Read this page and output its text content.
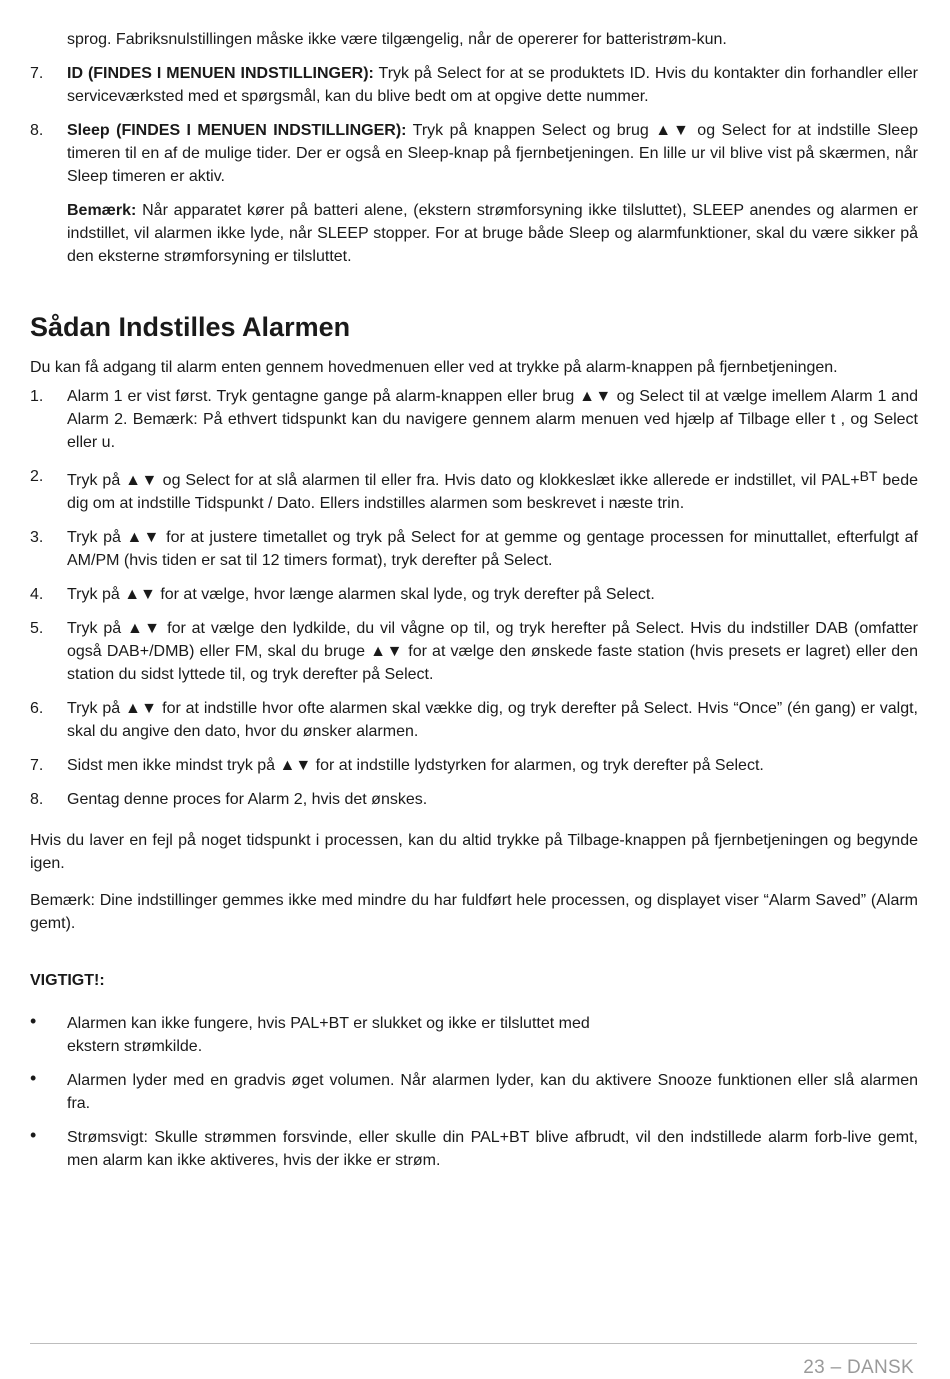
sprog. Fabriksnulstillingen måske ikke være tilgængelig, når de opererer for batteristrøm-kun.

7. ID (FINDES I MENUEN INDSTILLINGER): Tryk på Select for at se produktets ID. Hvis du kontakter din forhandler eller serviceværksted med et spørgsmål, kan du blive bedt om at opgive dette nummer.
8. Sleep (FINDES I MENUEN INDSTILLINGER): Tryk på knappen Select og brug ▲▼ og Select for at indstille Sleep timeren til en af de mulige tider. Der er også en Sleep-knap på fjernbetjeningen. En lille ur vil blive vist på skærmen, når Sleep timeren er aktiv.

Bemærk: Når apparatet kører på batteri alene, (ekstern strømforsyning ikke tilsluttet), SLEEP anendes og alarmen er indstillet, vil alarmen ikke lyde, når SLEEP stopper. For at bruge både Sleep og alarmfunktioner, skal du være sikker på den eksterne strømforsyning er tilsluttet.

Sådan Indstilles Alarmen

Du kan få adgang til alarm enten gennem hovedmenuen eller ved at trykke på alarm-knappen på fjernbetjeningen.

1. Alarm 1 er vist først. Tryk gentagne gange på alarm-knappen eller brug ▲▼ og Select til at vælge imellem Alarm 1 and Alarm 2. Bemærk: På ethvert tidspunkt kan du navigere gennem alarm menuen ved hjælp af Tilbage eller t , og Select eller u.
2. Tryk på ▲▼ og Select for at slå alarmen til eller fra. Hvis dato og klokkeslæt ikke allerede er indstillet, vil PAL+BT bede dig om at indstille Tidspunkt / Dato. Ellers indstilles alarmen som beskrevet i næste trin.
3. Tryk på ▲▼ for at justere timetallet og tryk på Select for at gemme og gentage processen for minuttallet, efterfulgt af AM/PM (hvis tiden er sat til 12 timers format), tryk derefter på Select.
4. Tryk på ▲▼ for at vælge, hvor længe alarmen skal lyde, og tryk derefter på Select.
5. Tryk på ▲▼ for at vælge den lydkilde, du vil vågne op til, og tryk herefter på Select. Hvis du indstiller DAB (omfatter også DAB+/DMB) eller FM, skal du bruge ▲▼ for at vælge den ønskede faste station (hvis presets er lagret) eller den station du sidst lyttede til, og tryk derefter på Select.
6. Tryk på ▲▼ for at indstille hvor ofte alarmen skal vække dig, og tryk derefter på Select. Hvis “Once” (én gang) er valgt, skal du angive den dato, hvor du ønsker alarmen.
7. Sidst men ikke mindst tryk på ▲▼ for at indstille lydstyrken for alarmen, og tryk derefter på Select.
8. Gentag denne proces for Alarm 2, hvis det ønskes.

Hvis du laver en fejl på noget tidspunkt i processen, kan du altid trykke på Tilbage-knappen på fjernbetjeningen og begynde igen.

Bemærk: Dine indstillinger gemmes ikke med mindre du har fuldført hele processen, og displayet viser “Alarm Saved” (Alarm gemt).

VIGTIGT!:

• Alarmen kan ikke fungere, hvis PAL+BT er slukket og ikke er tilsluttet med
ekstern strømkilde.
• Alarmen lyder med en gradvis øget volumen. Når alarmen lyder, kan du aktivere Snooze funktionen eller slå alarmen fra.
• Strømsvigt: Skulle strømmen forsvinde, eller skulle din PAL+BT blive afbrudt, vil den indstillede alarm forb-live gemt, men alarm kan ikke aktiveres, hvis der ikke er strøm.
23 – DANSK
